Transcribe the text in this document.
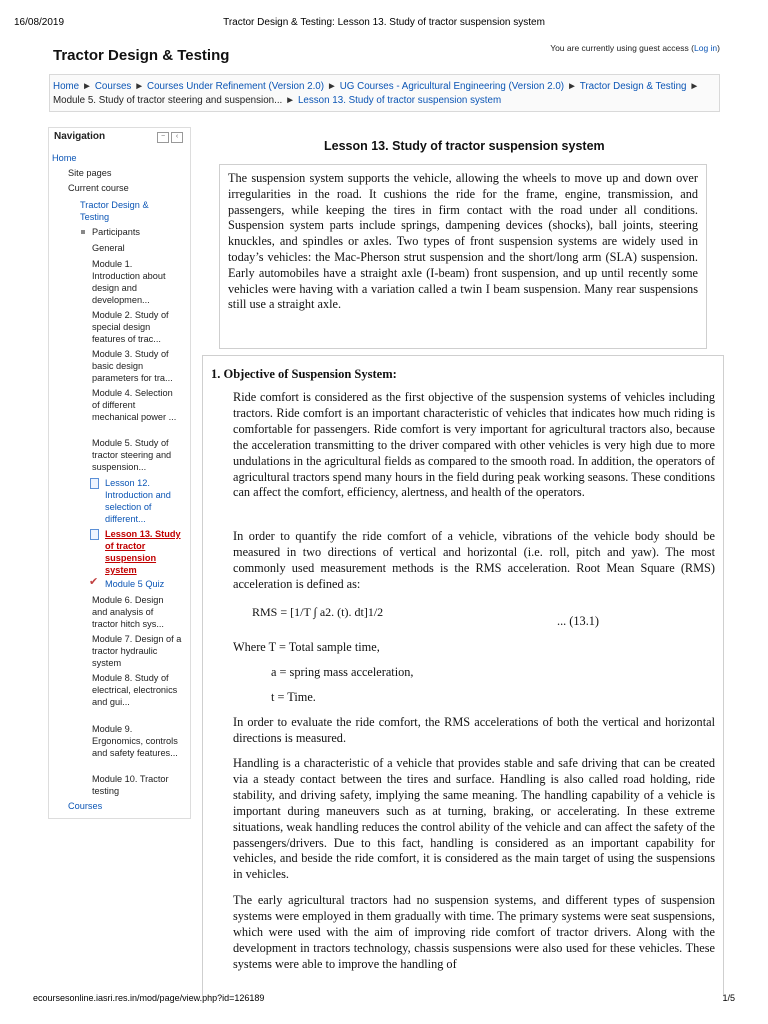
16/08/2019	Tractor Design & Testing: Lesson 13. Study of tractor suspension system
Tractor Design & Testing	You are currently using guest access (Log in)
Home ► Courses ► Courses Under Refinement (Version 2.0) ► UG Courses - Agricultural Engineering (Version 2.0) ► Tractor Design & Testing ►
Module 5. Study of tractor steering and suspension... ► Lesson 13. Study of tractor suspension system
Navigation	−	‹
Home
Site pages
Current course
Tractor Design & Testing
Participants
General
Module 1. Introduction about design and developmen...
Module 2. Study of special design features of trac...
Module 3. Study of basic design parameters for tra...
Module 4. Selection of different mechanical power ...
Module 5. Study of tractor steering and suspension...
Lesson 12. Introduction and selection of different...
Lesson 13. Study of tractor suspension system
✔ Module 5 Quiz
Module 6. Design and analysis of tractor hitch sys...
Module 7. Design of a tractor hydraulic system
Module 8. Study of electrical, electronics and gui...
Module 9. Ergonomics, controls and safety features...
Module 10. Tractor testing
Courses
Lesson 13. Study of tractor suspension system
The suspension system supports the vehicle, allowing the wheels to move up and down over irregularities in the road. It cushions the ride for the frame, engine, transmission, and passengers, while keeping the tires in firm contact with the road under all conditions. Suspension system parts include springs, dampening devices (shocks), ball joints, steering knuckles, and spindles or axles. Two types of front suspension systems are widely used in today’s vehicles: the Mac-Pherson strut suspension and the short/long arm (SLA) suspension. Early automobiles have a straight axle (I-beam) front suspension, and up until recently some vehicles were having with a variation called a twin I beam suspension. Many rear suspensions still use a straight axle.
1. Objective of Suspension System:
Ride comfort is considered as the first objective of the suspension systems of vehicles including tractors. Ride comfort is an important characteristic of vehicles that indicates how much riding is comfortable for passengers. Ride comfort is very important for agricultural tractors also, because the acceleration transmitting to the driver compared with other vehicles is very high due to more undulations in the agricultural fields as compared to the smooth road. In addition, the operators of agricultural tractors spend many hours in the field during peak working seasons. These conditions can affect the comfort, efficiency, alertness, and health of the operators.
In order to quantify the ride comfort of a vehicle, vibrations of the vehicle body should be measured in two directions of vertical and horizontal (i.e. roll, pitch and yaw). The most commonly used measurement methods is the RMS acceleration. Root Mean Square (RMS) acceleration is defined as:
RMS = [1/T ∫ a2. (t). dt]1/2
... (13.1)
Where T = Total sample time,
a = spring mass acceleration,
t = Time.
In order to evaluate the ride comfort, the RMS accelerations of both the vertical and horizontal directions is measured.
Handling is a characteristic of a vehicle that provides stable and safe driving that can be created via a steady contact between the tires and surface. Handling is also called road holding, ride stability, and driving safety, implying the same meaning. The handling capability of a vehicle is important during maneuvers such as at turning, braking, or accelerating. In these extreme situations, weak handling reduces the control ability of the vehicle and can affect the safety of the passengers/drivers. Due to this fact, handling is considered as an important capability for vehicles, and beside the ride comfort, it is considered as the main target of using the suspensions in vehicles.
The early agricultural tractors had no suspension systems, and different types of suspension systems were employed in them gradually with time. The primary systems were seat suspensions, which were used with the aim of improving ride comfort of tractor drivers. Along with the development in tractors technology, chassis suspensions were also used for these vehicles. These systems were able to improve the handling of
ecoursesonline.iasri.res.in/mod/page/view.php?id=126189	1/5
